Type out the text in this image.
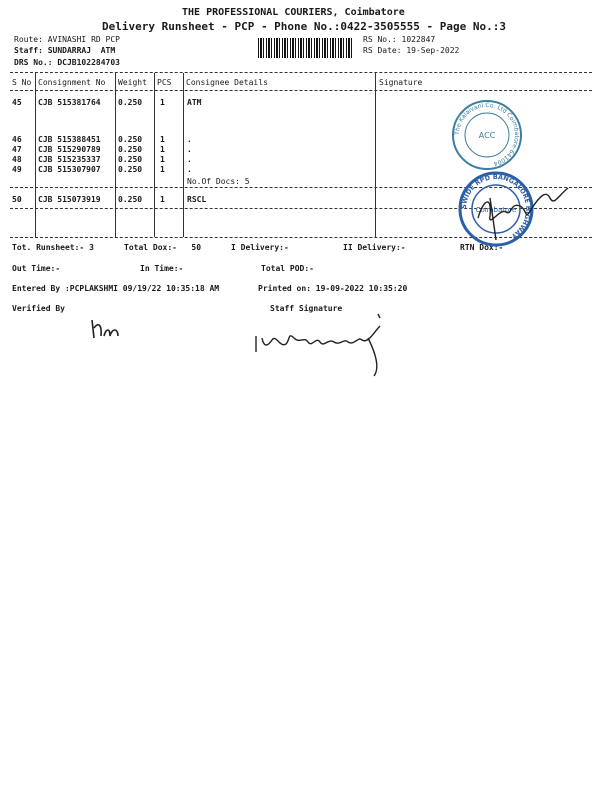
THE PROFESSIONAL COURIERS, Coimbatore
Delivery Runsheet - PCP - Phone No.:0422-3505555 - Page No.:3
Route: AVINASHI RD PCP
Staff: SUNDARRAJ  ATM
DRS No.: DCJB102284703
RS No.: 1022847
RS Date: 19-Sep-2022
S No Consignment No Weight PCS Consignee Details	Signature
45 CJB 515381764 0.250 1	ATM
46 CJB 515388451 0.250 1	.
47 CJB 515290789 0.250 1	.
48 CJB 515235337 0.250 1	.
49 CJB 515307907 0.250 1	.
No.Of Docs: 5
50 CJB 515073919 0.250 1	RSCL
Tot. Runsheet:- 3	Total Dox:-   50	I Delivery:-	II Delivery:-	RTN Dox:-
Out Time:-	In Time:-	Total POD:-
Entered By :PCPLAKSHMI 09/19/22 10:35:18 AM	Printed on: 19-09-2022 10:35:20
Verified By	Staff Signature
The Kalaivani Co. Ltd Coimbatore-641004
ACC
SWIDE RPD BANGALORE HIGHWAY
Coimbatore
